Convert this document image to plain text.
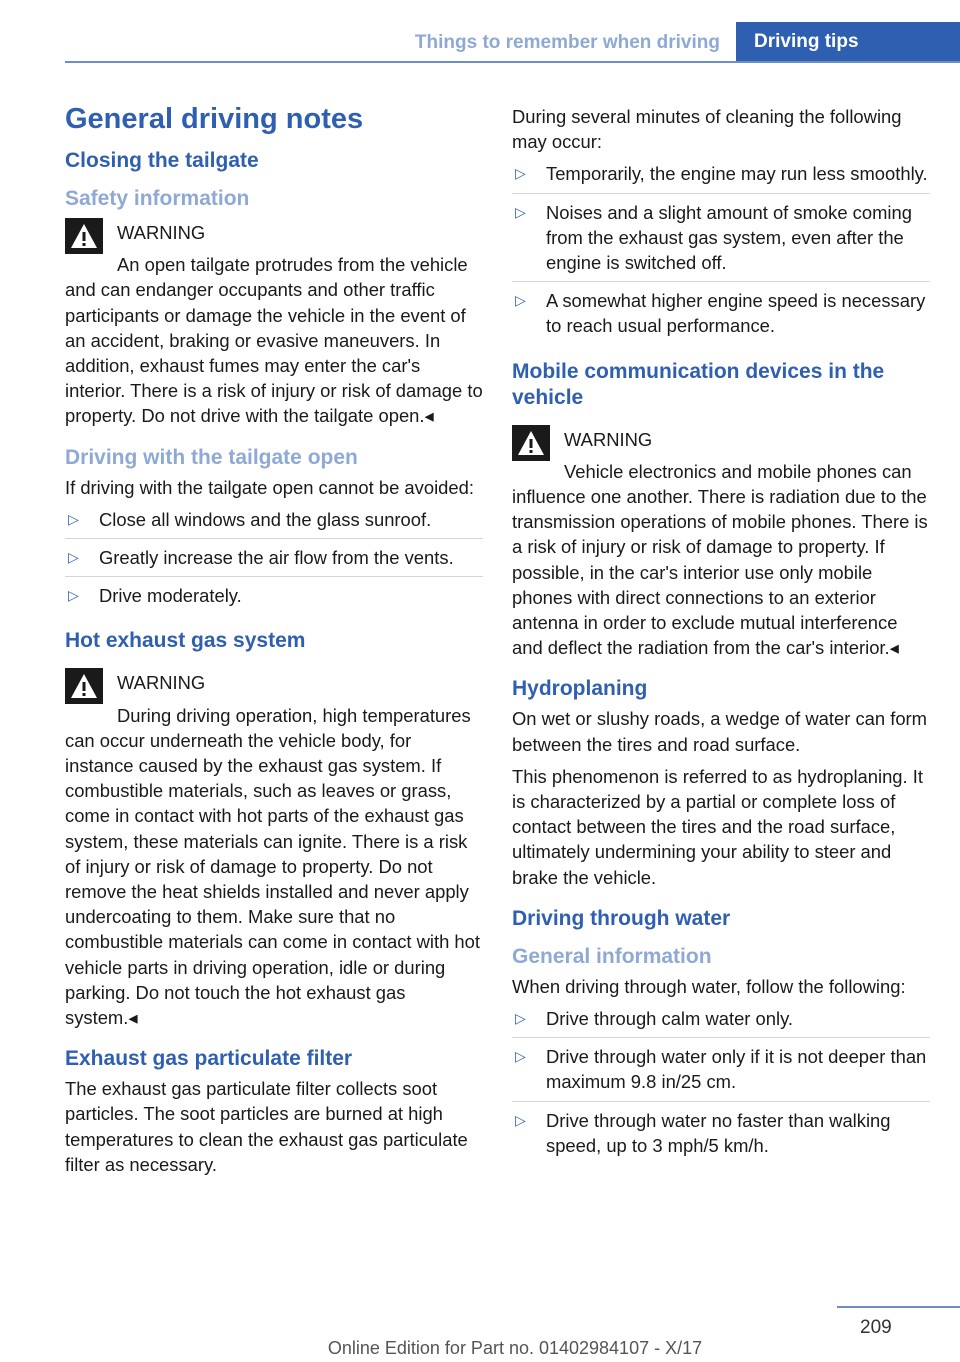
Things to remember when driving	Driving tips
General driving notes
Closing the tailgate
Safety information
WARNING
An open tailgate protrudes from the vehicle and can endanger occupants and other traffic participants or damage the vehicle in the event of an accident, braking or evasive maneuvers. In addition, exhaust fumes may enter the car's interior. There is a risk of injury or risk of damage to property. Do not drive with the tailgate open.◂
Driving with the tailgate open
If driving with the tailgate open cannot be avoided:
▷ Close all windows and the glass sunroof.
▷ Greatly increase the air flow from the vents.
▷ Drive moderately.
Hot exhaust gas system
WARNING
During driving operation, high temperatures can occur underneath the vehicle body, for instance caused by the exhaust gas system. If combustible materials, such as leaves or grass, come in contact with hot parts of the exhaust gas system, these materials can ignite. There is a risk of injury or risk of damage to property. Do not remove the heat shields installed and never apply undercoating to them. Make sure that no combustible materials can come in contact with hot vehicle parts in driving operation, idle or during parking. Do not touch the hot exhaust gas system.◂
Exhaust gas particulate filter
The exhaust gas particulate filter collects soot particles. The soot particles are burned at high temperatures to clean the exhaust gas particulate filter as necessary.
During several minutes of cleaning the following may occur:
▷ Temporarily, the engine may run less smoothly.
▷ Noises and a slight amount of smoke coming from the exhaust gas system, even after the engine is switched off.
▷ A somewhat higher engine speed is necessary to reach usual performance.
Mobile communication devices in the vehicle
WARNING
Vehicle electronics and mobile phones can influence one another. There is radiation due to the transmission operations of mobile phones. There is a risk of injury or risk of damage to property. If possible, in the car's interior use only mobile phones with direct connections to an exterior antenna in order to exclude mutual interference and deflect the radiation from the car's interior.◂
Hydroplaning
On wet or slushy roads, a wedge of water can form between the tires and road surface.
This phenomenon is referred to as hydroplaning. It is characterized by a partial or complete loss of contact between the tires and the road surface, ultimately undermining your ability to steer and brake the vehicle.
Driving through water
General information
When driving through water, follow the following:
▷ Drive through calm water only.
▷ Drive through water only if it is not deeper than maximum 9.8 in/25 cm.
▷ Drive through water no faster than walking speed, up to 3 mph/5 km/h.
209
Online Edition for Part no. 01402984107 - X/17
